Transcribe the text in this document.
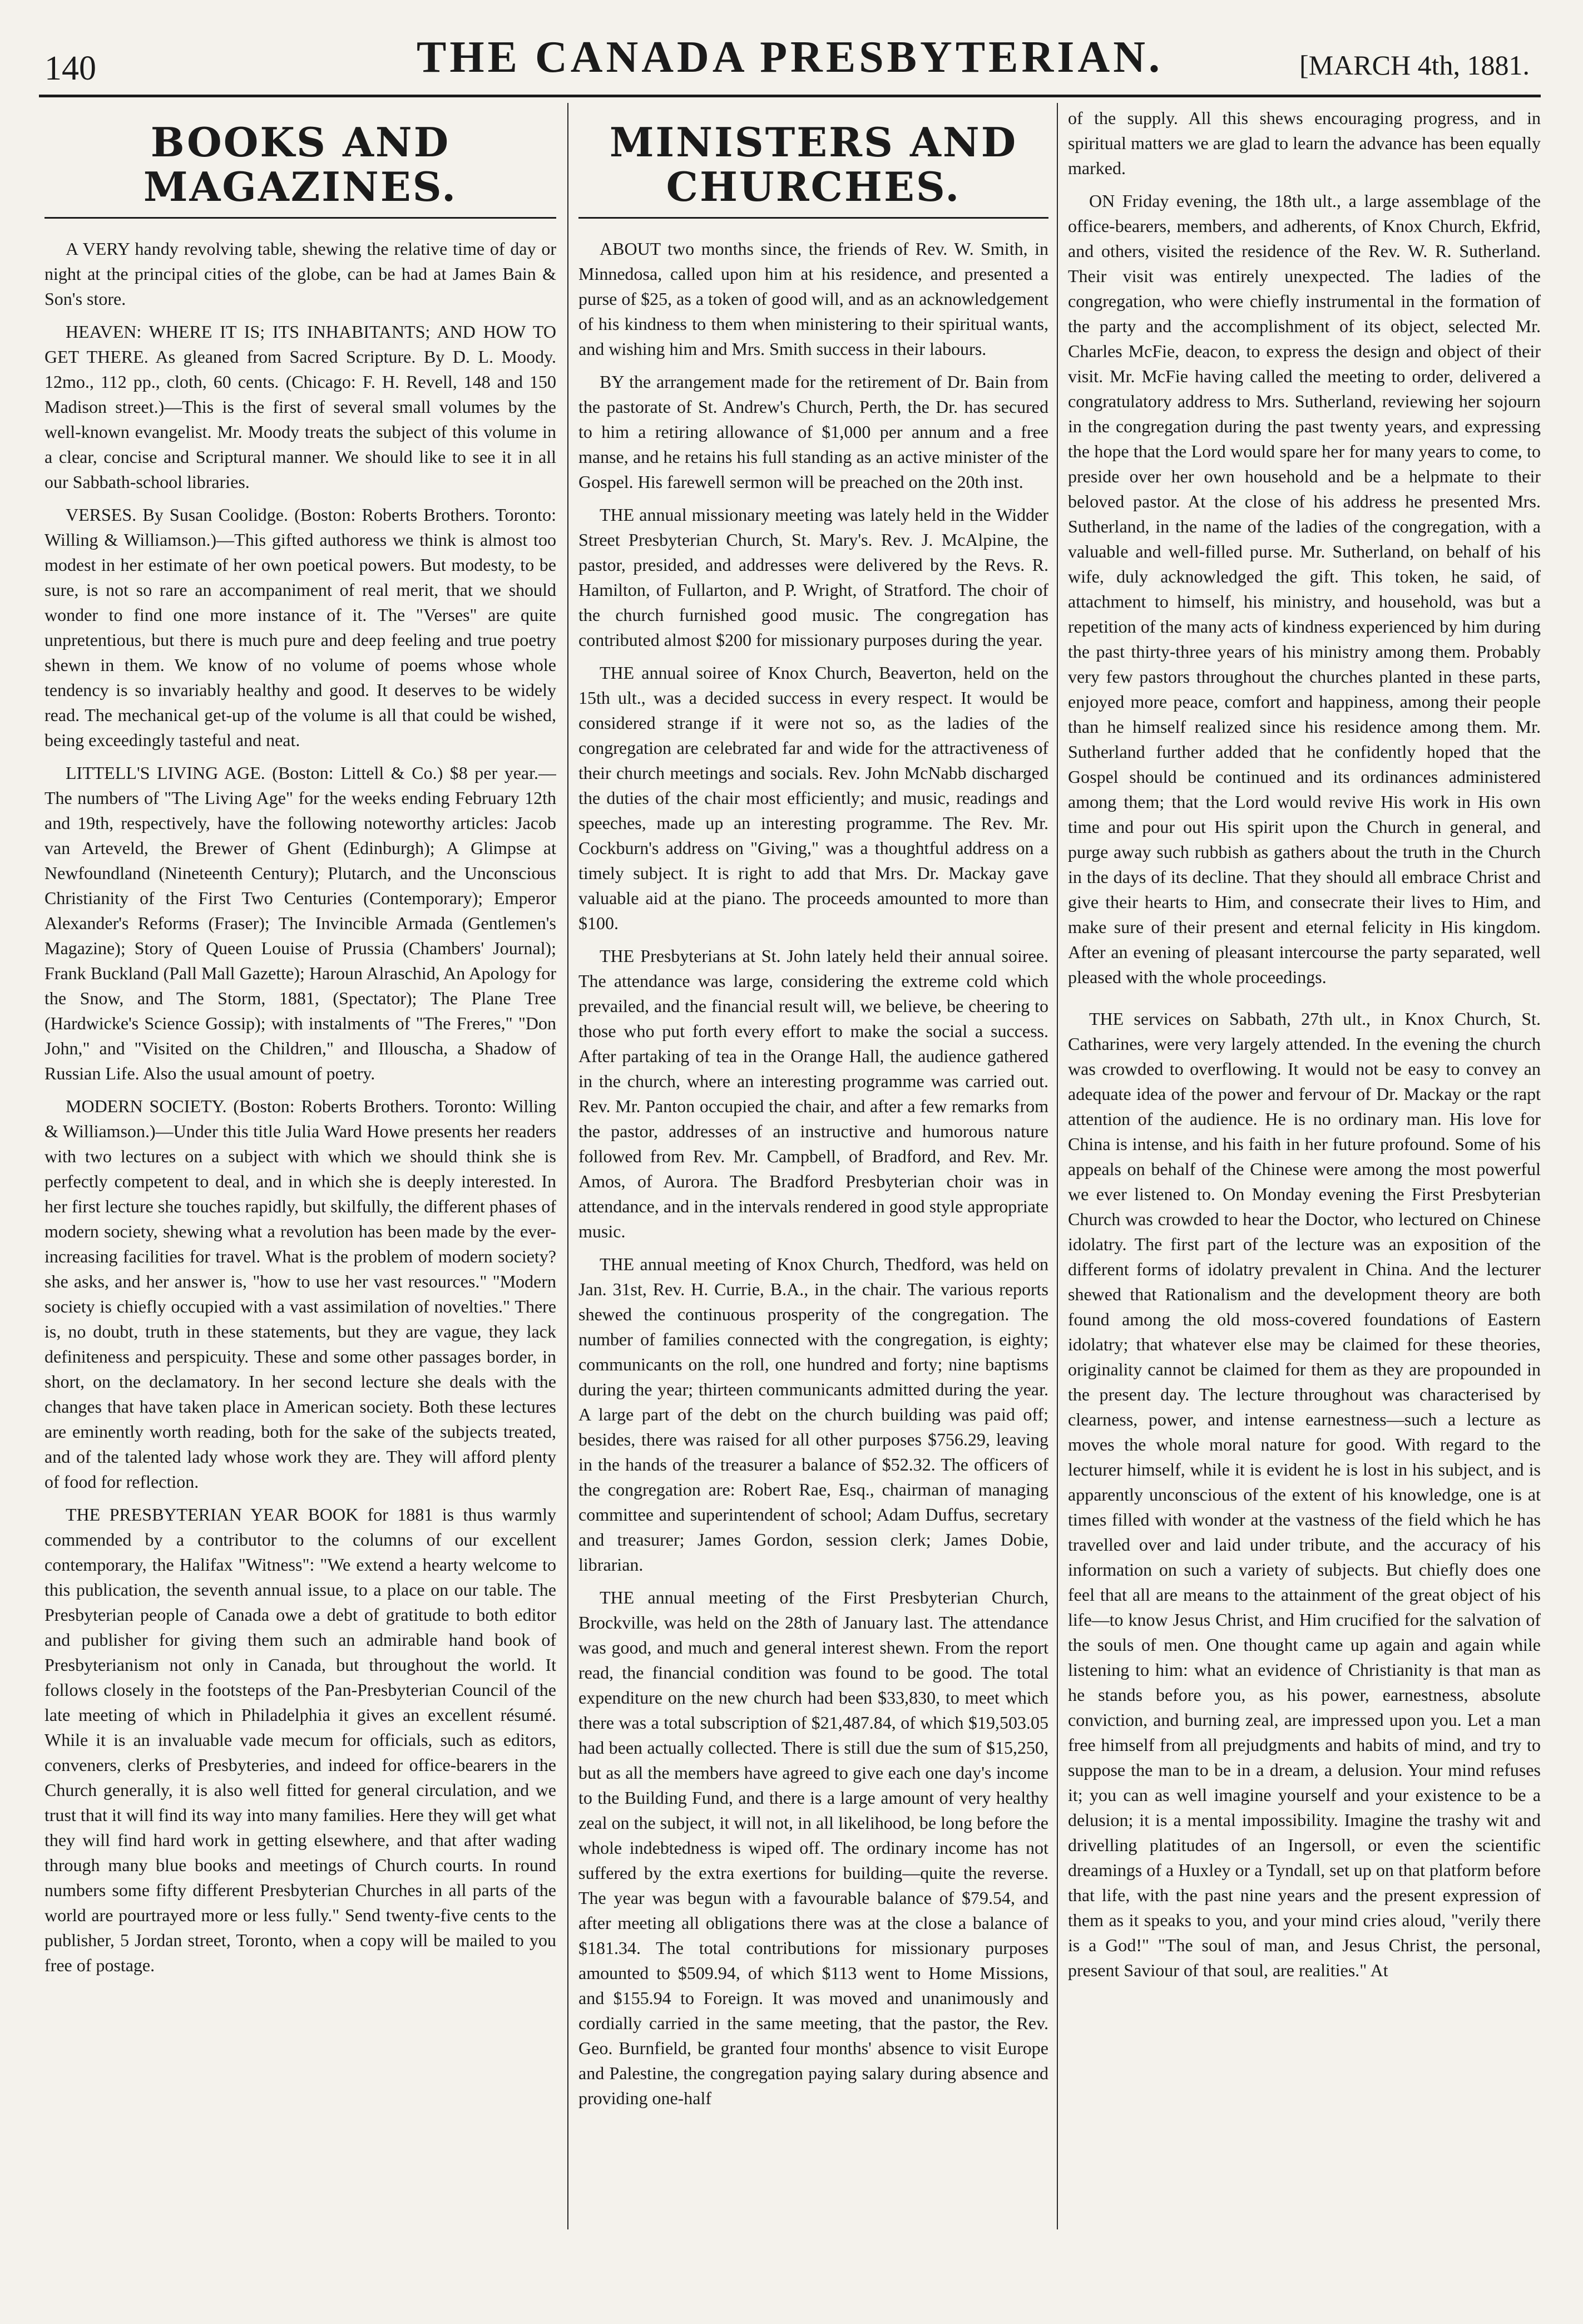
140	THE CANADA PRESBYTERIAN.	[MARCH 4th, 1881.
BOOKS AND MAGAZINES.

A VERY handy revolving table, shewing the relative time of day or night at the principal cities of the globe, can be had at James Bain & Son's store.

HEAVEN: WHERE IT IS; ITS INHABITANTS; AND HOW TO GET THERE. As gleaned from Sacred Scripture. By D. L. Moody. 12mo., 112 pp., cloth, 60 cents. (Chicago: F. H. Revell, 148 and 150 Madison street.)—This is the first of several small volumes by the well-known evangelist. Mr. Moody treats the subject of this volume in a clear, concise and Scriptural manner. We should like to see it in all our Sabbath-school libraries.

VERSES. By Susan Coolidge. (Boston: Roberts Brothers. Toronto: Willing & Williamson.)—This gifted authoress we think is almost too modest in her estimate of her own poetical powers. But modesty, to be sure, is not so rare an accompaniment of real merit, that we should wonder to find one more instance of it. The "Verses" are quite unpretentious, but there is much pure and deep feeling and true poetry shewn in them. We know of no volume of poems whose whole tendency is so invariably healthy and good. It deserves to be widely read. The mechanical get-up of the volume is all that could be wished, being exceedingly tasteful and neat.

LITTELL'S LIVING AGE. (Boston: Littell & Co.) $8 per year.—The numbers of "The Living Age" for the weeks ending February 12th and 19th, respectively, have the following noteworthy articles: Jacob van Arteveld, the Brewer of Ghent (Edinburgh); A Glimpse at Newfoundland (Nineteenth Century); Plutarch, and the Unconscious Christianity of the First Two Centuries (Contemporary); Emperor Alexander's Reforms (Fraser); The Invincible Armada (Gentlemen's Magazine); Story of Queen Louise of Prussia (Chambers' Journal); Frank Buckland (Pall Mall Gazette); Haroun Alraschid, An Apology for the Snow, and The Storm, 1881, (Spectator); The Plane Tree (Hardwicke's Science Gossip); with instalments of "The Freres," "Don John," and "Visited on the Children," and Illouscha, a Shadow of Russian Life. Also the usual amount of poetry.

MODERN SOCIETY. (Boston: Roberts Brothers. Toronto: Willing & Williamson.)—Under this title Julia Ward Howe presents her readers with two lectures on a subject with which we should think she is perfectly competent to deal, and in which she is deeply interested. In her first lecture she touches rapidly, but skilfully, the different phases of modern society, shewing what a revolution has been made by the ever-increasing facilities for travel. What is the problem of modern society? she asks, and her answer is, "how to use her vast resources." "Modern society is chiefly occupied with a vast assimilation of novelties." There is, no doubt, truth in these statements, but they are vague, they lack definiteness and perspicuity. These and some other passages border, in short, on the declamatory. In her second lecture she deals with the changes that have taken place in American society. Both these lectures are eminently worth reading, both for the sake of the subjects treated, and of the talented lady whose work they are. They will afford plenty of food for reflection.

THE PRESBYTERIAN YEAR BOOK for 1881 is thus warmly commended by a contributor to the columns of our excellent contemporary, the Halifax "Witness": "We extend a hearty welcome to this publication, the seventh annual issue, to a place on our table. The Presbyterian people of Canada owe a debt of gratitude to both editor and publisher for giving them such an admirable hand book of Presbyterianism not only in Canada, but throughout the world. It follows closely in the footsteps of the Pan-Presbyterian Council of the late meeting of which in Philadelphia it gives an excellent résumé. While it is an invaluable vade mecum for officials, such as editors, conveners, clerks of Presbyteries, and indeed for office-bearers in the Church generally, it is also well fitted for general circulation, and we trust that it will find its way into many families. Here they will get what they will find hard work in getting elsewhere, and that after wading through many blue books and meetings of Church courts. In round numbers some fifty different Presbyterian Churches in all parts of the world are pourtrayed more or less fully." Send twenty-five cents to the publisher, 5 Jordan street, Toronto, when a copy will be mailed to you free of postage.

MINISTERS AND CHURCHES.

ABOUT two months since, the friends of Rev. W. Smith, in Minnedosa, called upon him at his residence, and presented a purse of $25, as a token of good will, and as an acknowledgement of his kindness to them when ministering to their spiritual wants, and wishing him and Mrs. Smith success in their labours.

BY the arrangement made for the retirement of Dr. Bain from the pastorate of St. Andrew's Church, Perth, the Dr. has secured to him a retiring allowance of $1,000 per annum and a free manse, and he retains his full standing as an active minister of the Gospel. His farewell sermon will be preached on the 20th inst.

THE annual missionary meeting was lately held in the Widder Street Presbyterian Church, St. Mary's. Rev. J. McAlpine, the pastor, presided, and addresses were delivered by the Revs. R. Hamilton, of Fullarton, and P. Wright, of Stratford. The choir of the church furnished good music. The congregation has contributed almost $200 for missionary purposes during the year.

THE annual soiree of Knox Church, Beaverton, held on the 15th ult., was a decided success in every respect. It would be considered strange if it were not so, as the ladies of the congregation are celebrated far and wide for the attractiveness of their church meetings and socials. Rev. John McNabb discharged the duties of the chair most efficiently; and music, readings and speeches, made up an interesting programme. The Rev. Mr. Cockburn's address on "Giving," was a thoughtful address on a timely subject. It is right to add that Mrs. Dr. Mackay gave valuable aid at the piano. The proceeds amounted to more than $100.

THE Presbyterians at St. John lately held their annual soiree. The attendance was large, considering the extreme cold which prevailed, and the financial result will, we believe, be cheering to those who put forth every effort to make the social a success. After partaking of tea in the Orange Hall, the audience gathered in the church, where an interesting programme was carried out. Rev. Mr. Panton occupied the chair, and after a few remarks from the pastor, addresses of an instructive and humorous nature followed from Rev. Mr. Campbell, of Bradford, and Rev. Mr. Amos, of Aurora. The Bradford Presbyterian choir was in attendance, and in the intervals rendered in good style appropriate music.

THE annual meeting of Knox Church, Thedford, was held on Jan. 31st, Rev. H. Currie, B.A., in the chair. The various reports shewed the continuous prosperity of the congregation. The number of families connected with the congregation, is eighty; communicants on the roll, one hundred and forty; nine baptisms during the year; thirteen communicants admitted during the year. A large part of the debt on the church building was paid off; besides, there was raised for all other purposes $756.29, leaving in the hands of the treasurer a balance of $52.32. The officers of the congregation are: Robert Rae, Esq., chairman of managing committee and superintendent of school; Adam Duffus, secretary and treasurer; James Gordon, session clerk; James Dobie, librarian.

THE annual meeting of the First Presbyterian Church, Brockville, was held on the 28th of January last. The attendance was good, and much and general interest shewn. From the report read, the financial condition was found to be good. The total expenditure on the new church had been $33,830, to meet which there was a total subscription of $21,487.84, of which $19,503.05 had been actually collected. There is still due the sum of $15,250, but as all the members have agreed to give each one day's income to the Building Fund, and there is a large amount of very healthy zeal on the subject, it will not, in all likelihood, be long before the whole indebtedness is wiped off. The ordinary income has not suffered by the extra exertions for building—quite the reverse. The year was begun with a favourable balance of $79.54, and after meeting all obligations there was at the close a balance of $181.34. The total contributions for missionary purposes amounted to $509.94, of which $113 went to Home Missions, and $155.94 to Foreign. It was moved and unanimously and cordially carried in the same meeting, that the pastor, the Rev. Geo. Burnfield, be granted four months' absence to visit Europe and Palestine, the congregation paying salary during absence and providing one-half

of the supply. All this shews encouraging progress, and in spiritual matters we are glad to learn the advance has been equally marked.

ON Friday evening, the 18th ult., a large assemblage of the office-bearers, members, and adherents, of Knox Church, Ekfrid, and others, visited the residence of the Rev. W. R. Sutherland. Their visit was entirely unexpected. The ladies of the congregation, who were chiefly instrumental in the formation of the party and the accomplishment of its object, selected Mr. Charles McFie, deacon, to express the design and object of their visit. Mr. McFie having called the meeting to order, delivered a congratulatory address to Mrs. Sutherland, reviewing her sojourn in the congregation during the past twenty years, and expressing the hope that the Lord would spare her for many years to come, to preside over her own household and be a helpmate to their beloved pastor. At the close of his address he presented Mrs. Sutherland, in the name of the ladies of the congregation, with a valuable and well-filled purse. Mr. Sutherland, on behalf of his wife, duly acknowledged the gift. This token, he said, of attachment to himself, his ministry, and household, was but a repetition of the many acts of kindness experienced by him during the past thirty-three years of his ministry among them. Probably very few pastors throughout the churches planted in these parts, enjoyed more peace, comfort and happiness, among their people than he himself realized since his residence among them. Mr. Sutherland further added that he confidently hoped that the Gospel should be continued and its ordinances administered among them; that the Lord would revive His work in His own time and pour out His spirit upon the Church in general, and purge away such rubbish as gathers about the truth in the Church in the days of its decline. That they should all embrace Christ and give their hearts to Him, and consecrate their lives to Him, and make sure of their present and eternal felicity in His kingdom. After an evening of pleasant intercourse the party separated, well pleased with the whole proceedings.

THE services on Sabbath, 27th ult., in Knox Church, St. Catharines, were very largely attended. In the evening the church was crowded to overflowing. It would not be easy to convey an adequate idea of the power and fervour of Dr. Mackay or the rapt attention of the audience. He is no ordinary man. His love for China is intense, and his faith in her future profound. Some of his appeals on behalf of the Chinese were among the most powerful we ever listened to. On Monday evening the First Presbyterian Church was crowded to hear the Doctor, who lectured on Chinese idolatry. The first part of the lecture was an exposition of the different forms of idolatry prevalent in China. And the lecturer shewed that Rationalism and the development theory are both found among the old moss-covered foundations of Eastern idolatry; that whatever else may be claimed for these theories, originality cannot be claimed for them as they are propounded in the present day. The lecture throughout was characterised by clearness, power, and intense earnestness—such a lecture as moves the whole moral nature for good. With regard to the lecturer himself, while it is evident he is lost in his subject, and is apparently unconscious of the extent of his knowledge, one is at times filled with wonder at the vastness of the field which he has travelled over and laid under tribute, and the accuracy of his information on such a variety of subjects. But chiefly does one feel that all are means to the attainment of the great object of his life—to know Jesus Christ, and Him crucified for the salvation of the souls of men. One thought came up again and again while listening to him: what an evidence of Christianity is that man as he stands before you, as his power, earnestness, absolute conviction, and burning zeal, are impressed upon you. Let a man free himself from all prejudgments and habits of mind, and try to suppose the man to be in a dream, a delusion. Your mind refuses it; you can as well imagine yourself and your existence to be a delusion; it is a mental impossibility. Imagine the trashy wit and drivelling platitudes of an Ingersoll, or even the scientific dreamings of a Huxley or a Tyndall, set up on that platform before that life, with the past nine years and the present expression of them as it speaks to you, and your mind cries aloud, "verily there is a God!" "The soul of man, and Jesus Christ, the personal, present Saviour of that soul, are realities." At
